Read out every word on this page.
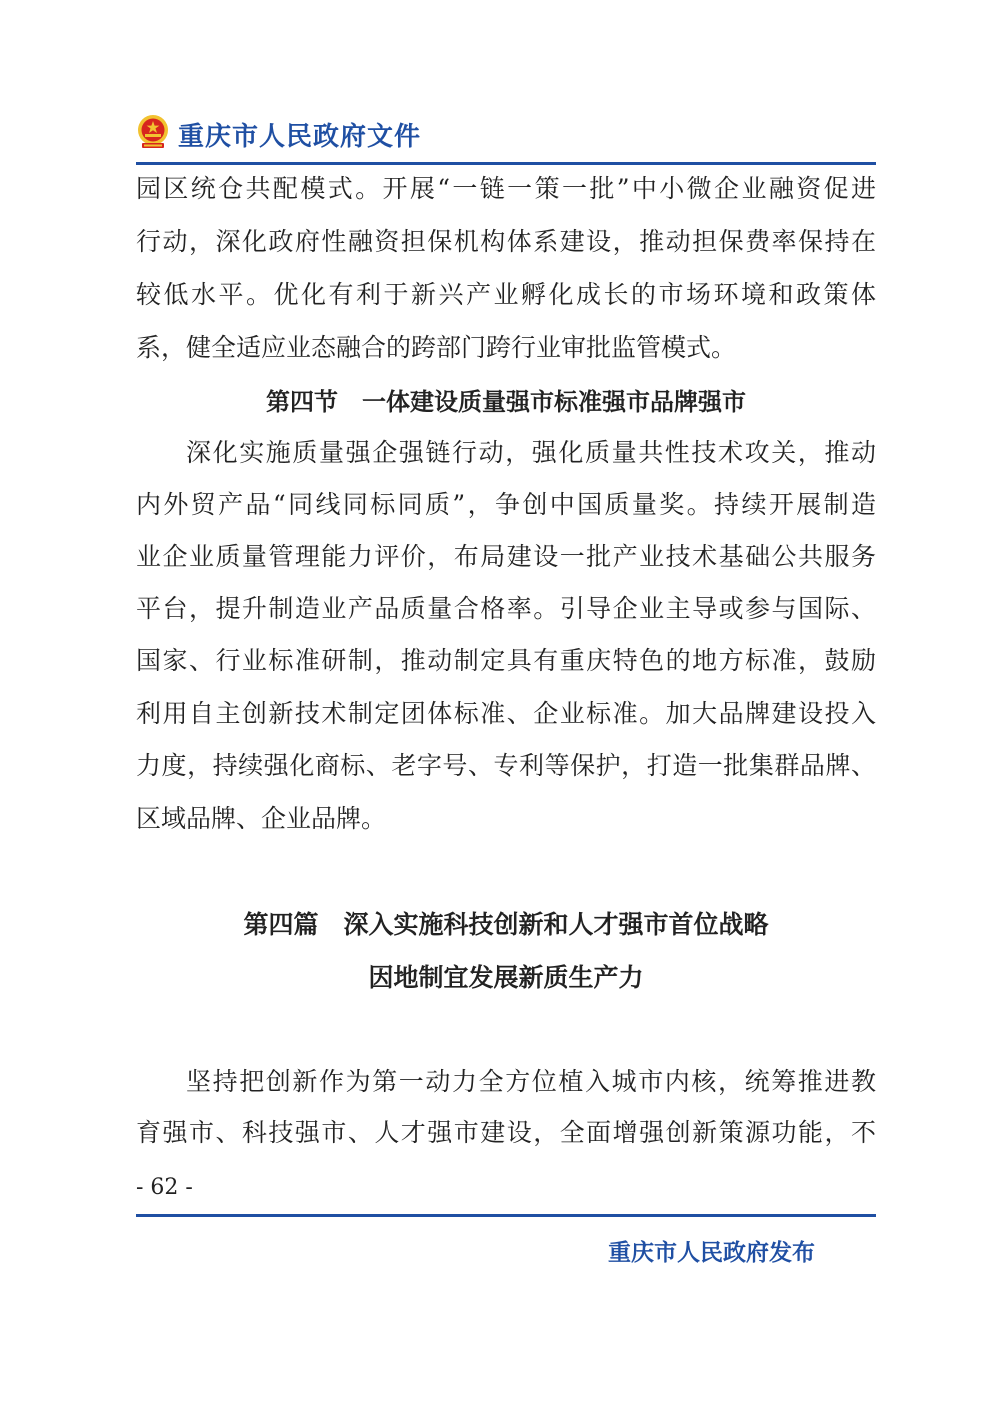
重庆市人民政府文件
园区统仓共配模式。开展“一链一策一批”中小微企业融资促进
行动，深化政府性融资担保机构体系建设，推动担保费率保持在
较低水平。优化有利于新兴产业孵化成长的市场环境和政策体
系，健全适应业态融合的跨部门跨行业审批监管模式。
第四节　一体建设质量强市标准强市品牌强市
深化实施质量强企强链行动，强化质量共性技术攻关，推动
内外贸产品“同线同标同质”，争创中国质量奖。持续开展制造
业企业质量管理能力评价，布局建设一批产业技术基础公共服务
平台，提升制造业产品质量合格率。引导企业主导或参与国际、
国家、行业标准研制，推动制定具有重庆特色的地方标准，鼓励
利用自主创新技术制定团体标准、企业标准。加大品牌建设投入
力度，持续强化商标、老字号、专利等保护，打造一批集群品牌、
区域品牌、企业品牌。
第四篇　深入实施科技创新和人才强市首位战略
因地制宜发展新质生产力
坚持把创新作为第一动力全方位植入城市内核，统筹推进教
育强市、科技强市、人才强市建设，全面增强创新策源功能，不
- 62 -
重庆市人民政府发布
